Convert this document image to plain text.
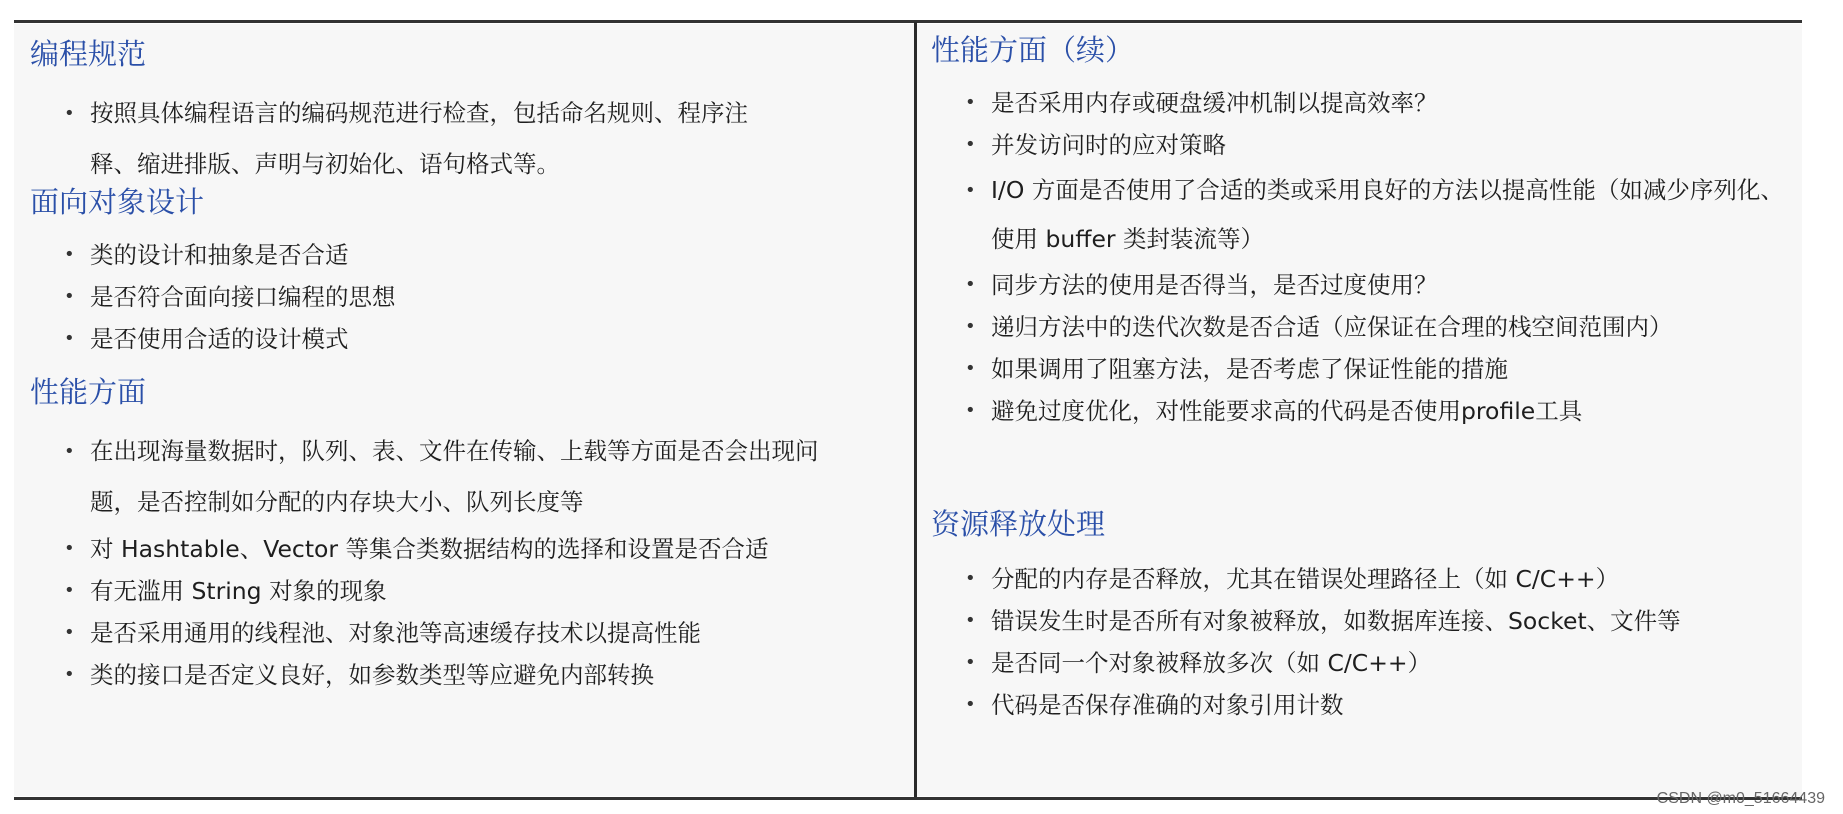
编程规范
• 按照具体编程语言的编码规范进行检查，包括命名规则、程序注释、缩进排版、声明与初始化、语句格式等。
面向对象设计
• 类的设计和抽象是否合适
• 是否符合面向接口编程的思想
• 是否使用合适的设计模式
性能方面
• 在出现海量数据时，队列、表、文件在传输、上载等方面是否会出现问题，是否控制如分配的内存块大小、队列长度等
• 对 Hashtable、Vector 等集合类数据结构的选择和设置是否合适
• 有无滥用 String 对象的现象
• 是否采用通用的线程池、对象池等高速缓存技术以提高性能
• 类的接口是否定义良好，如参数类型等应避免内部转换
性能方面（续）
• 是否采用内存或硬盘缓冲机制以提高效率？
• 并发访问时的应对策略
• I/O 方面是否使用了合适的类或采用良好的方法以提高性能（如减少序列化、使用 buffer 类封装流等）
• 同步方法的使用是否得当，是否过度使用？
• 递归方法中的迭代次数是否合适（应保证在合理的栈空间范围内）
• 如果调用了阻塞方法，是否考虑了保证性能的措施
• 避免过度优化，对性能要求高的代码是否使用profile工具
资源释放处理
• 分配的内存是否释放，尤其在错误处理路径上（如 C/C++）
• 错误发生时是否所有对象被释放，如数据库连接、Socket、文件等
• 是否同一个对象被释放多次（如 C/C++）
• 代码是否保存准确的对象引用计数
CSDN @m0_51664439
